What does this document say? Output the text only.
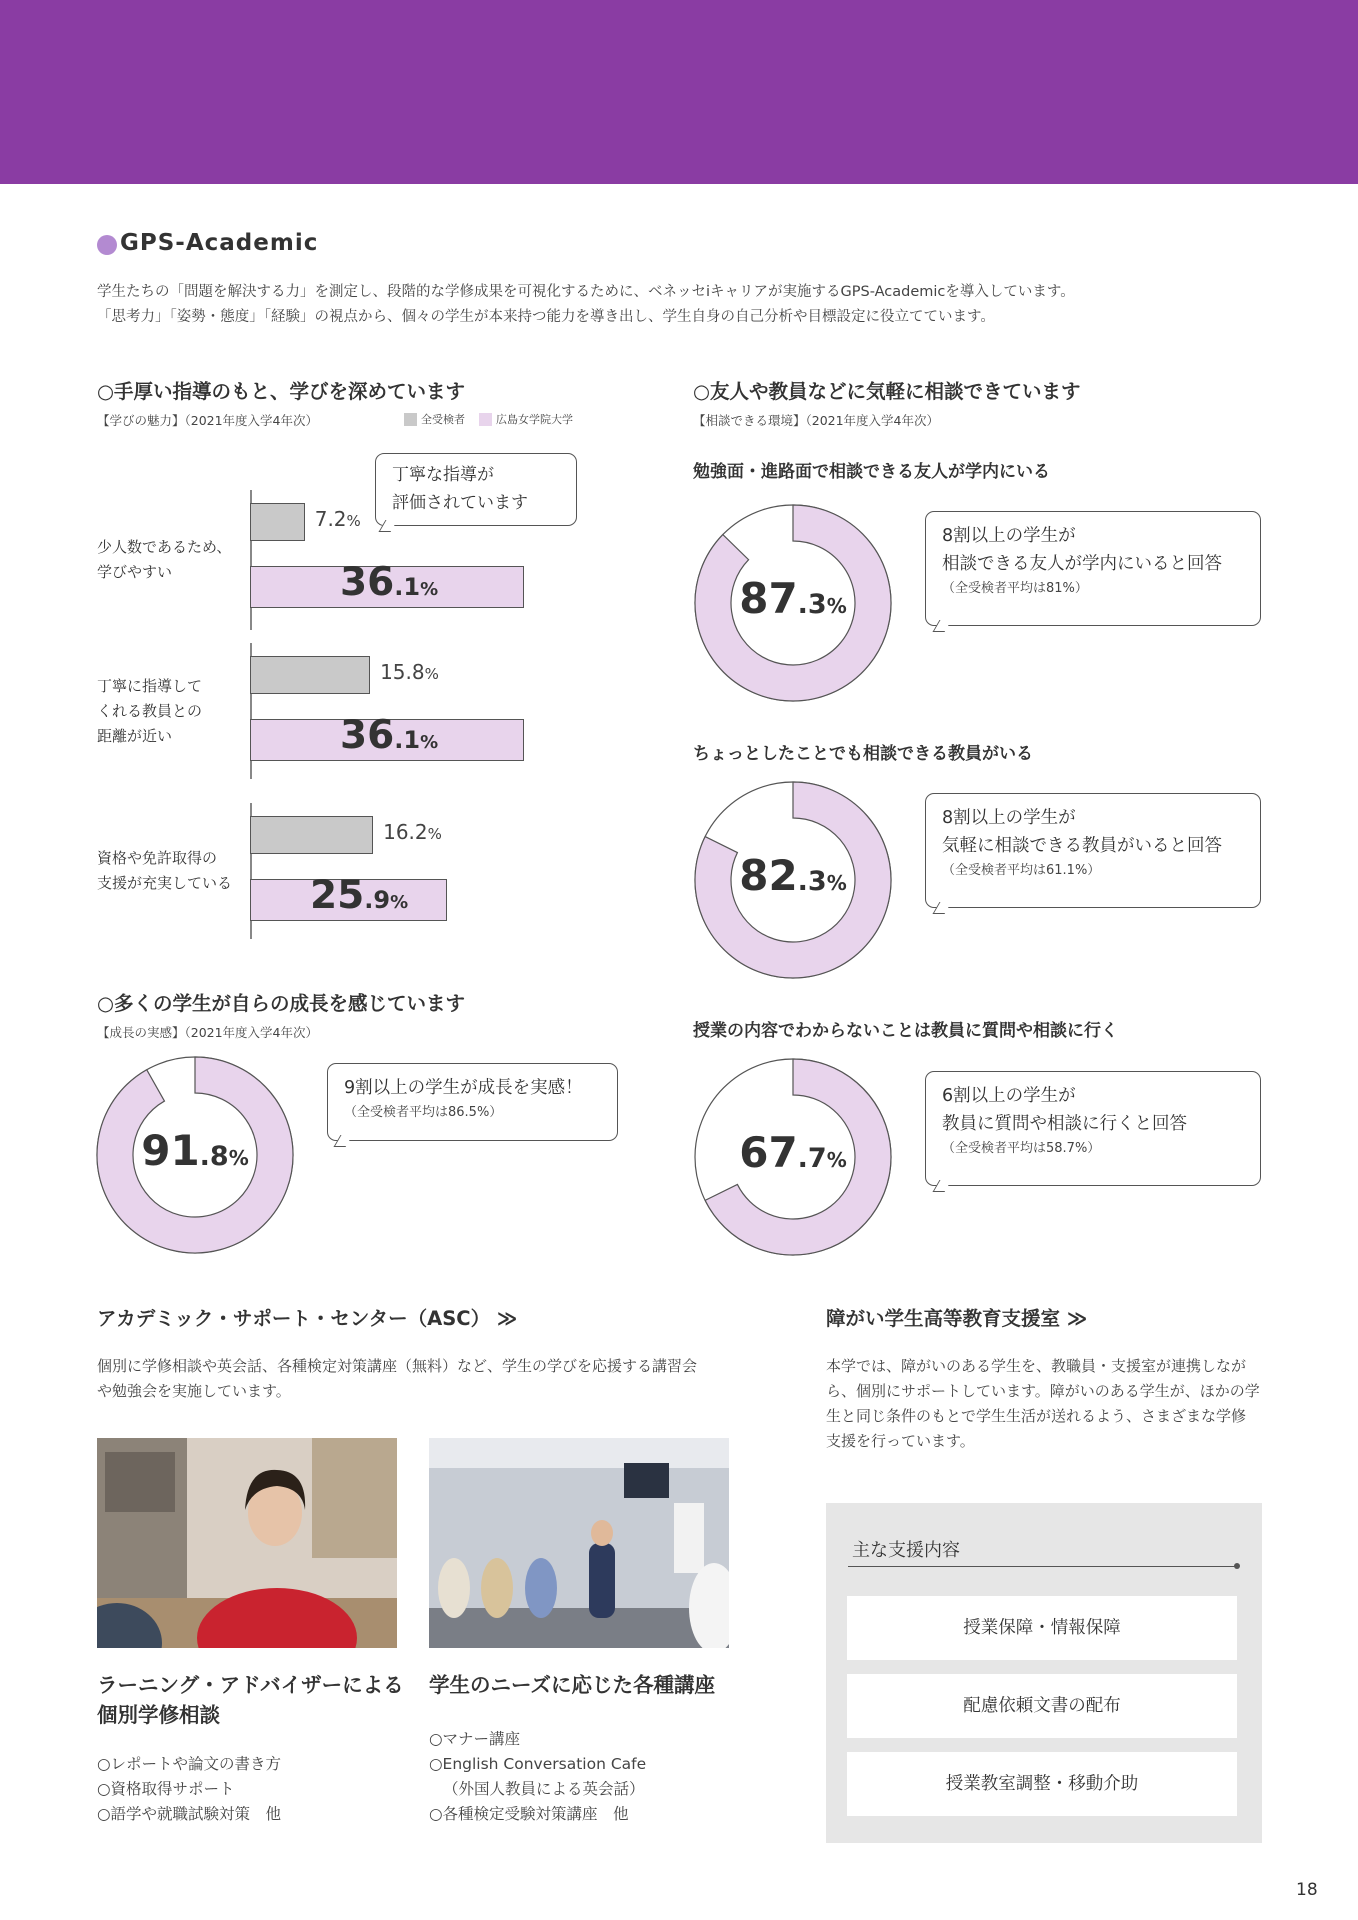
GPS-Academic
学生たちの「問題を解決する力」を測定し、段階的な学修成果を可視化するために、ベネッセiキャリアが実施するGPS-Academicを導入しています。
「思考力」「姿勢・態度」「経験」の視点から、個々の学生が本来持つ能力を導き出し、学生自身の自己分析や目標設定に役立てています。
○手厚い指導のもと、学びを深めています
【学びの魅力】（2021年度入学4年次）	全受検者	広島女学院大学
丁寧な指導が
評価されています
○多くの学生が自らの成長を感じています
【成長の実感】（2021年度入学4年次）
91.8%
9割以上の学生が成長を実感！
（全受検者平均は86.5%）
○友人や教員などに気軽に相談できています
【相談できる環境】（2021年度入学4年次）
勉強面・進路面で相談できる友人が学内にいる
87.3%
8割以上の学生が
相談できる友人が学内にいると回答
（全受検者平均は81%）
ちょっとしたことでも相談できる教員がいる
82.3%
8割以上の学生が
気軽に相談できる教員がいると回答
（全受検者平均は61.1%）
授業の内容でわからないことは教員に質問や相談に行く
67.7%
6割以上の学生が
教員に質問や相談に行くと回答
（全受検者平均は58.7%）
アカデミック・サポート・センター（ASC） ≫
個別に学修相談や英会話、各種検定対策講座（無料）など、学生の学びを応援する講習会
や勉強会を実施しています。
ラーニング・アドバイザーによる
個別学修相談
○レポートや論文の書き方
○資格取得サポート
○語学や就職試験対策　他
学生のニーズに応じた各種講座
○マナー講座
○English Conversation Cafe
（外国人教員による英会話）
○各種検定受験対策講座　他
障がい学生高等教育支援室 ≫
本学では、障がいのある学生を、教職員・支援室が連携しなが
ら、個別にサポートしています。障がいのある学生が、ほかの学
生と同じ条件のもとで学生生活が送れるよう、さまざまな学修
支援を行っています。
主な支援内容
授業保障・情報保障
配慮依頼文書の配布
授業教室調整・移動介助
18
少人数であるため、
学びやすい
7.2%
36.1%
丁寧に指導して
くれる教員との
距離が近い
15.8%
36.1%
資格や免許取得の
支援が充実している
16.2%
25.9%
